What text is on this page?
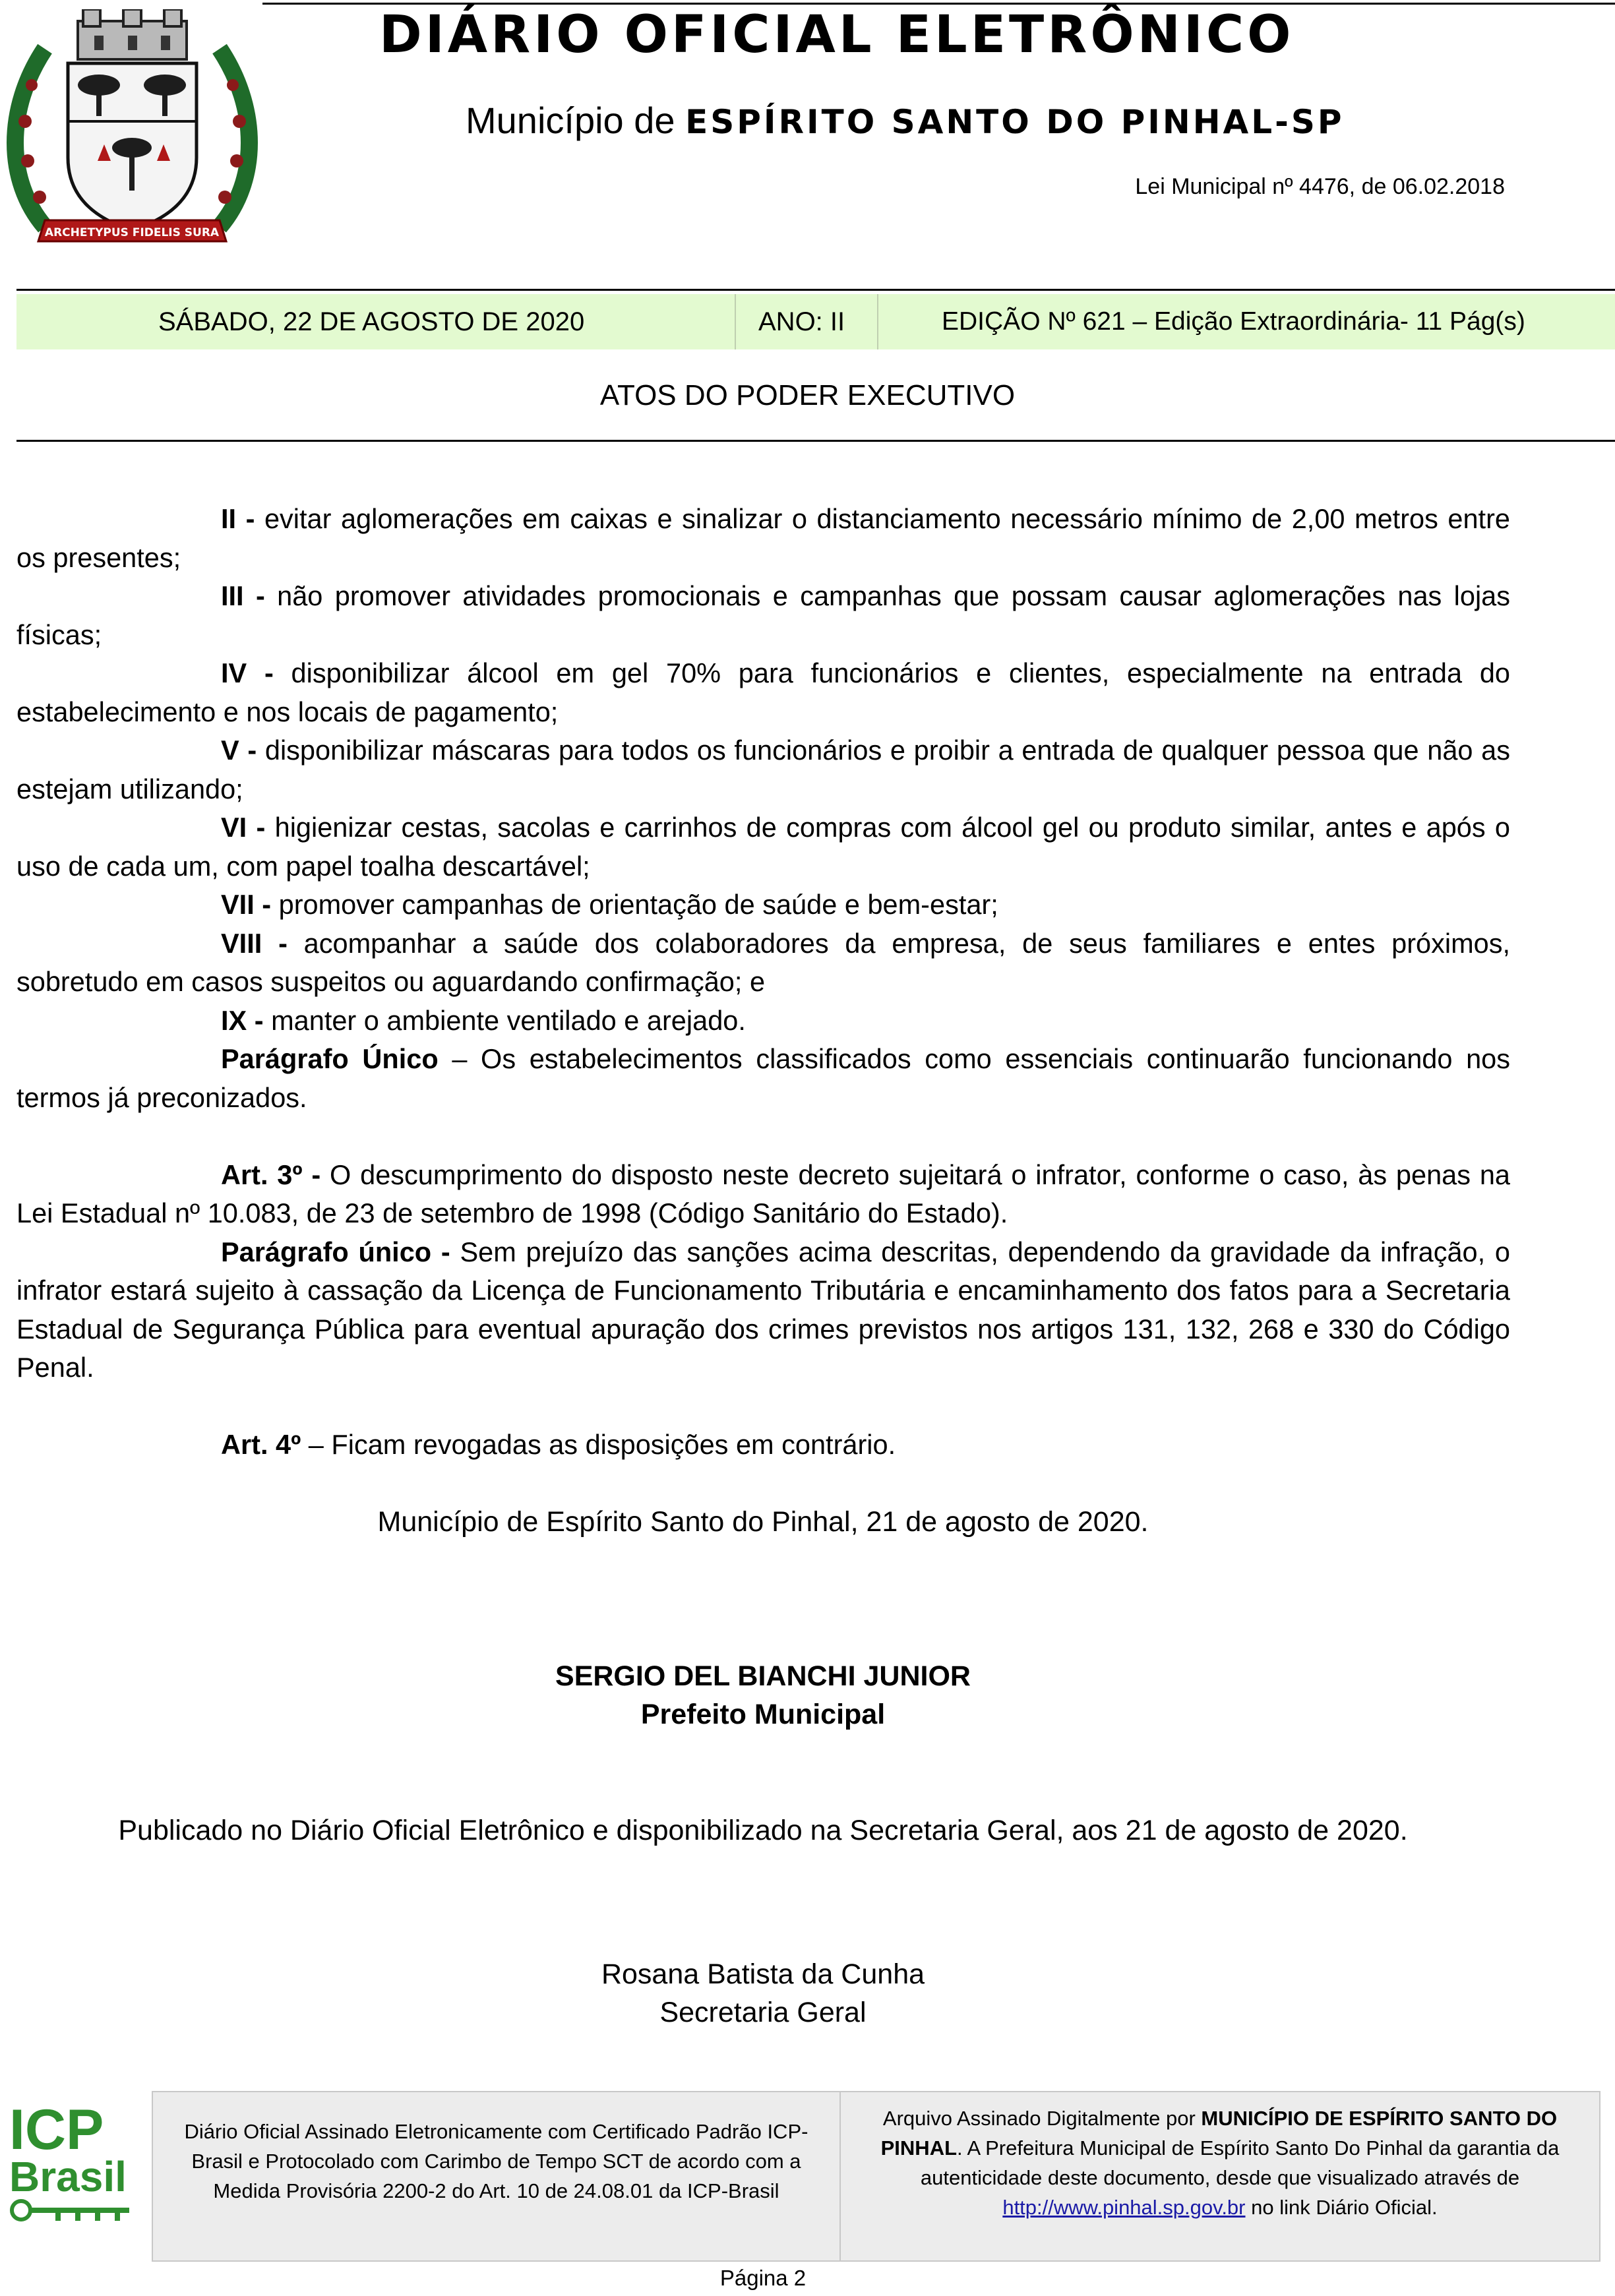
ARCHETYPUS FIDELIS SURA
DIÁRIO OFICIAL ELETRÔNICO
Município de ESPÍRITO SANTO DO PINHAL-SP
Lei Municipal nº 4476, de 06.02.2018
SÁBADO, 22 DE AGOSTO DE 2020	ANO: II	EDIÇÃO Nº 621 – Edição Extraordinária- 11 Pág(s)
ATOS DO PODER EXECUTIVO

II - evitar aglomerações em caixas e sinalizar o distanciamento necessário mínimo de 2,00 metros entre os presentes;

III - não promover atividades promocionais e campanhas que possam causar aglomerações nas lojas físicas;

IV - disponibilizar álcool em gel 70% para funcionários e clientes, especialmente na entrada do estabelecimento e nos locais de pagamento;

V - disponibilizar máscaras para todos os funcionários e proibir a entrada de qualquer pessoa que não as estejam utilizando;

VI - higienizar cestas, sacolas e carrinhos de compras com álcool gel ou produto similar, antes e após o uso de cada um, com papel toalha descartável;

VII - promover campanhas de orientação de saúde e bem-estar;

VIII - acompanhar a saúde dos colaboradores da empresa, de seus familiares e entes próximos, sobretudo em casos suspeitos ou aguardando confirmação; e

IX - manter o ambiente ventilado e arejado.

Parágrafo Único – Os estabelecimentos classificados como essenciais continuarão funcionando nos termos já preconizados.

Art. 3º - O descumprimento do disposto neste decreto sujeitará o infrator, conforme o caso, às penas na Lei Estadual nº 10.083, de 23 de setembro de 1998 (Código Sanitário do Estado).

Parágrafo único - Sem prejuízo das sanções acima descritas, dependendo da gravidade da infração, o infrator estará sujeito à cassação da Licença de Funcionamento Tributária e encaminhamento dos fatos para a Secretaria Estadual de Segurança Pública para eventual apuração dos crimes previstos nos artigos 131, 132, 268 e 330 do Código Penal.

Art. 4º – Ficam revogadas as disposições em contrário.

Município de Espírito Santo do Pinhal, 21 de agosto de 2020.
SERGIO DEL BIANCHI JUNIOR
Prefeito Municipal
Publicado no Diário Oficial Eletrônico e disponibilizado na Secretaria Geral, aos 21 de agosto de 2020.
Rosana Batista da Cunha
Secretaria Geral
ICP
Brasil
Diário Oficial Assinado Eletronicamente com Certificado Padrão ICP-Brasil e Protocolado com Carimbo de Tempo SCT de acordo com a Medida Provisória 2200-2 do Art. 10 de 24.08.01 da ICP-Brasil
Arquivo Assinado Digitalmente por MUNICÍPIO DE ESPÍRITO SANTO DO PINHAL. A Prefeitura Municipal de Espírito Santo Do Pinhal da garantia da autenticidade deste documento, desde que visualizado através de http://www.pinhal.sp.gov.br no link Diário Oficial.
Página 2
